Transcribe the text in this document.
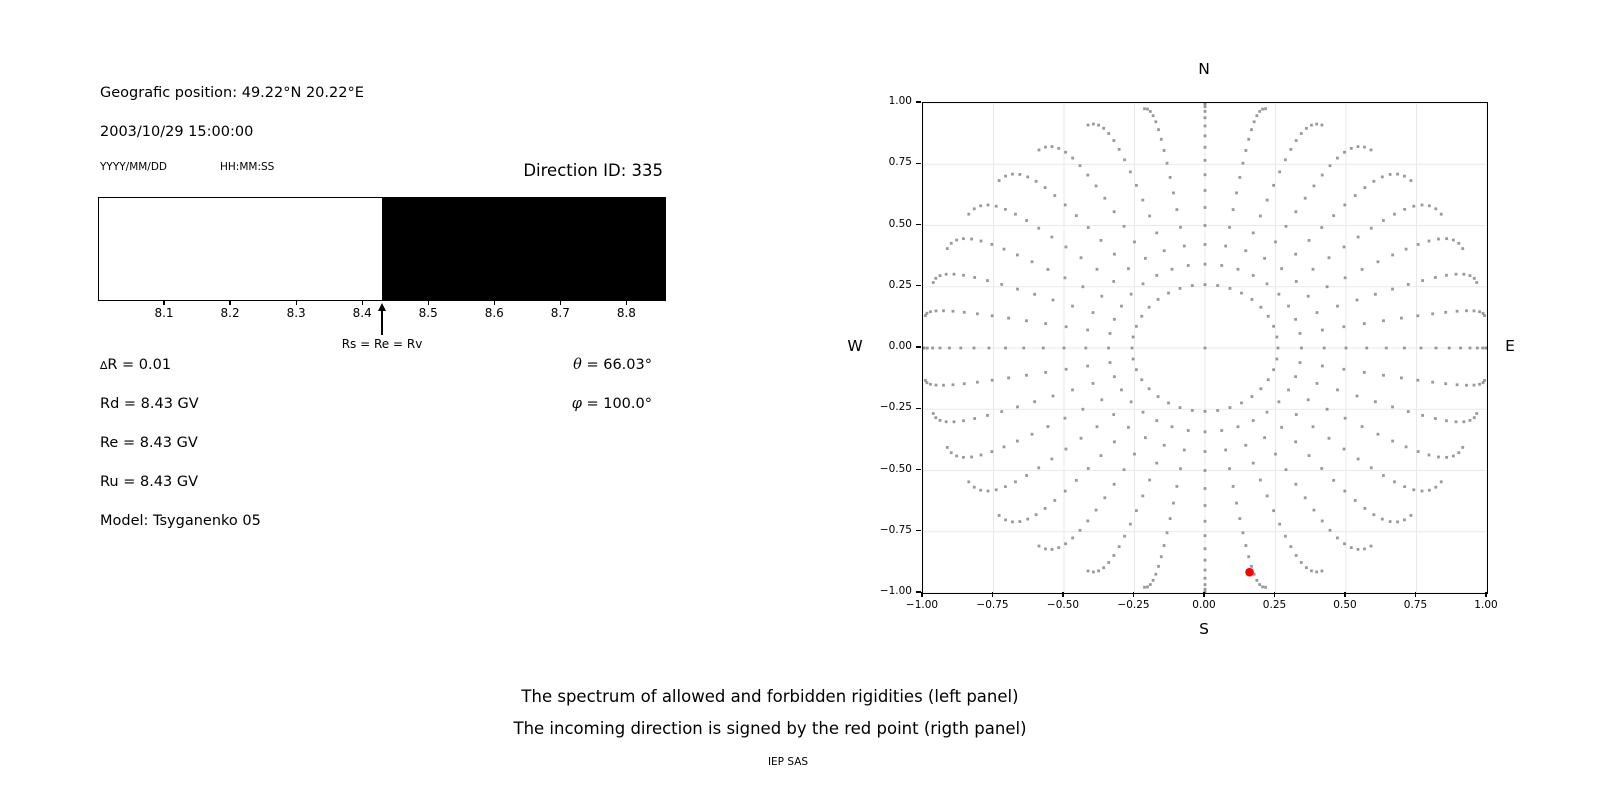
Geografic position: 49.22°N 20.22°E
2003/10/29 15:00:00
YYYY/MM/DD	HH:MM:SS	Direction ID: 335
8.1	8.2	8.3	8.4	8.5	8.6	8.7	8.8
Rs = Re = Rv
∆R = 0.01
Rd = 8.43 GV
Re = 8.43 GV
Ru = 8.43 GV
Model: Tsyganenko 05
θ = 66.03°
φ = 100.0°
N
S
W	E
−1.00	−0.75	−0.50	−0.25	0.00	0.25	0.50	0.75	1.00
−1.00
−0.75
−0.50
−0.25
0.00
0.25
0.50
0.75
1.00
The spectrum of allowed and forbidden rigidities (left panel)
The incoming direction is signed by the red point (rigth panel)
IEP SAS
